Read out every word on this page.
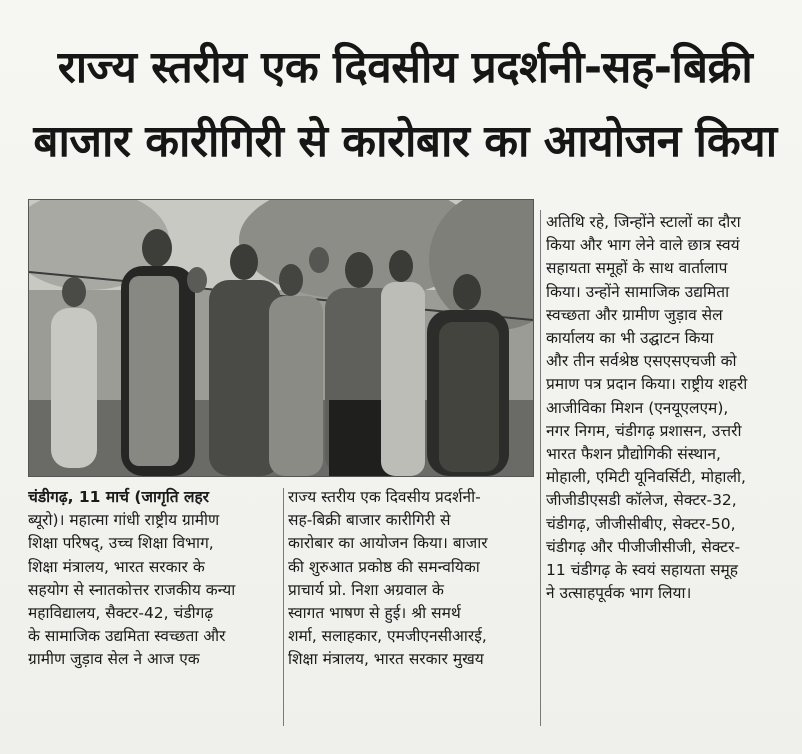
राज्य स्तरीय एक दिवसीय प्रदर्शनी-सह-बिक्री
बाजार कारीगिरी से कारोबार का आयोजन किया
चंडीगढ़, 11 मार्च (जागृति लहर
ब्यूरो)। महात्मा गांधी राष्ट्रीय ग्रामीण
शिक्षा परिषद्, उच्च शिक्षा विभाग,
शिक्षा मंत्रालय, भारत सरकार के
सहयोग से स्नातकोत्तर राजकीय कन्या
महाविद्यालय, सैक्टर-42, चंडीगढ़
के सामाजिक उद्यमिता स्वच्छता और
ग्रामीण जुड़ाव सेल ने आज एक
राज्य स्तरीय एक दिवसीय प्रदर्शनी-
सह-बिक्री बाजार कारीगिरी से
कारोबार का आयोजन किया। बाजार
की शुरुआत प्रकोष्ठ की समन्वयिका
प्राचार्य प्रो. निशा अग्रवाल के
स्वागत भाषण से हुई। श्री समर्थ
शर्मा, सलाहकार, एमजीएनसीआरई,
शिक्षा मंत्रालय, भारत सरकार मुखय
अतिथि रहे, जिन्होंने स्टालों का दौरा
किया और भाग लेने वाले छात्र स्वयं
सहायता समूहों के साथ वार्तालाप
किया। उन्होंने सामाजिक उद्यमिता
स्वच्छता और ग्रामीण जुड़ाव सेल
कार्यालय का भी उद्घाटन किया
और तीन सर्वश्रेष्ठ एसएसएचजी को
प्रमाण पत्र प्रदान किया। राष्ट्रीय शहरी
आजीविका मिशन (एनयूएलएम),
नगर निगम, चंडीगढ़ प्रशासन, उत्तरी
भारत फैशन प्रौद्योगिकी संस्थान,
मोहाली, एमिटी यूनिवर्सिटी, मोहाली,
जीजीडीएसडी कॉलेज, सेक्टर-32,
चंडीगढ़, जीजीसीबीए, सेक्टर-50,
चंडीगढ़ और पीजीजीसीजी, सेक्टर-
11 चंडीगढ़ के स्वयं सहायता समूह
ने उत्साहपूर्वक भाग लिया।
